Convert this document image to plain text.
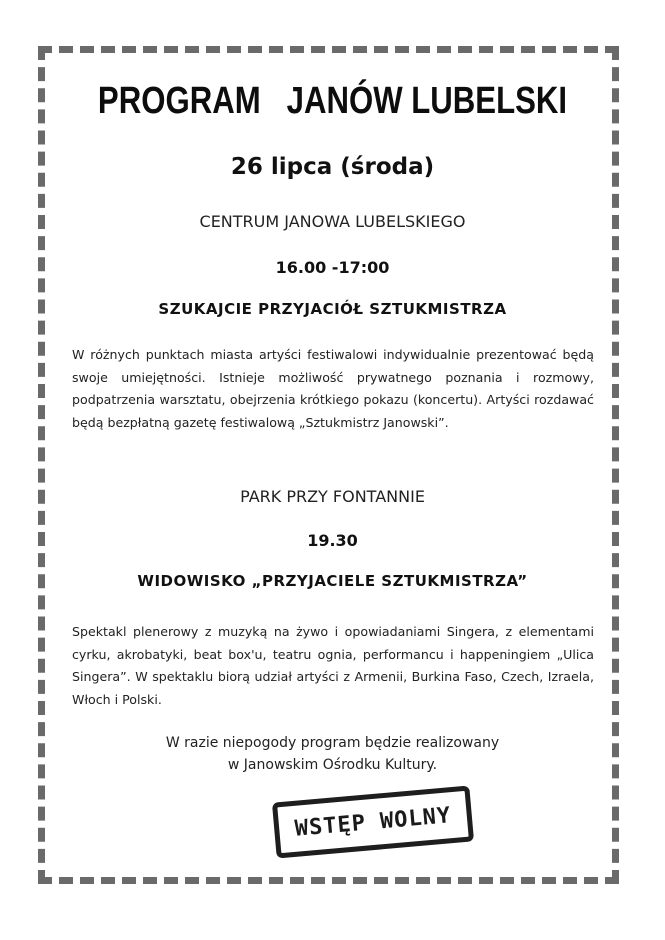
PROGRAM   JANÓW LUBELSKI
26 lipca (środa)
CENTRUM JANOWA LUBELSKIEGO
16.00 -17:00
SZUKAJCIE PRZYJACIÓŁ SZTUKMISTRZA

W różnych punktach miasta artyści festiwalowi indywidualnie prezentować będą swoje umiejętności. Istnieje możliwość prywatnego poznania i rozmowy, podpatrzenia warsztatu, obejrzenia krótkiego pokazu (koncertu). Artyści rozdawać będą bezpłatną gazetę festiwalową „Sztukmistrz Janowski”.

PARK PRZY FONTANNIE
19.30
WIDOWISKO „PRZYJACIELE SZTUKMISTRZA”

Spektakl plenerowy z muzyką na żywo i opowiadaniami Singera, z elementami cyrku, akrobatyki, beat box'u, teatru ognia, performancu i happeningiem „Ulica Singera”. W spektaklu biorą udział artyści z Armenii, Burkina Faso, Czech, Izraela, Włoch i Polski.

W razie niepogody program będzie realizowany
w Janowskim Ośrodku Kultury.
WSTĘP WOLNY
